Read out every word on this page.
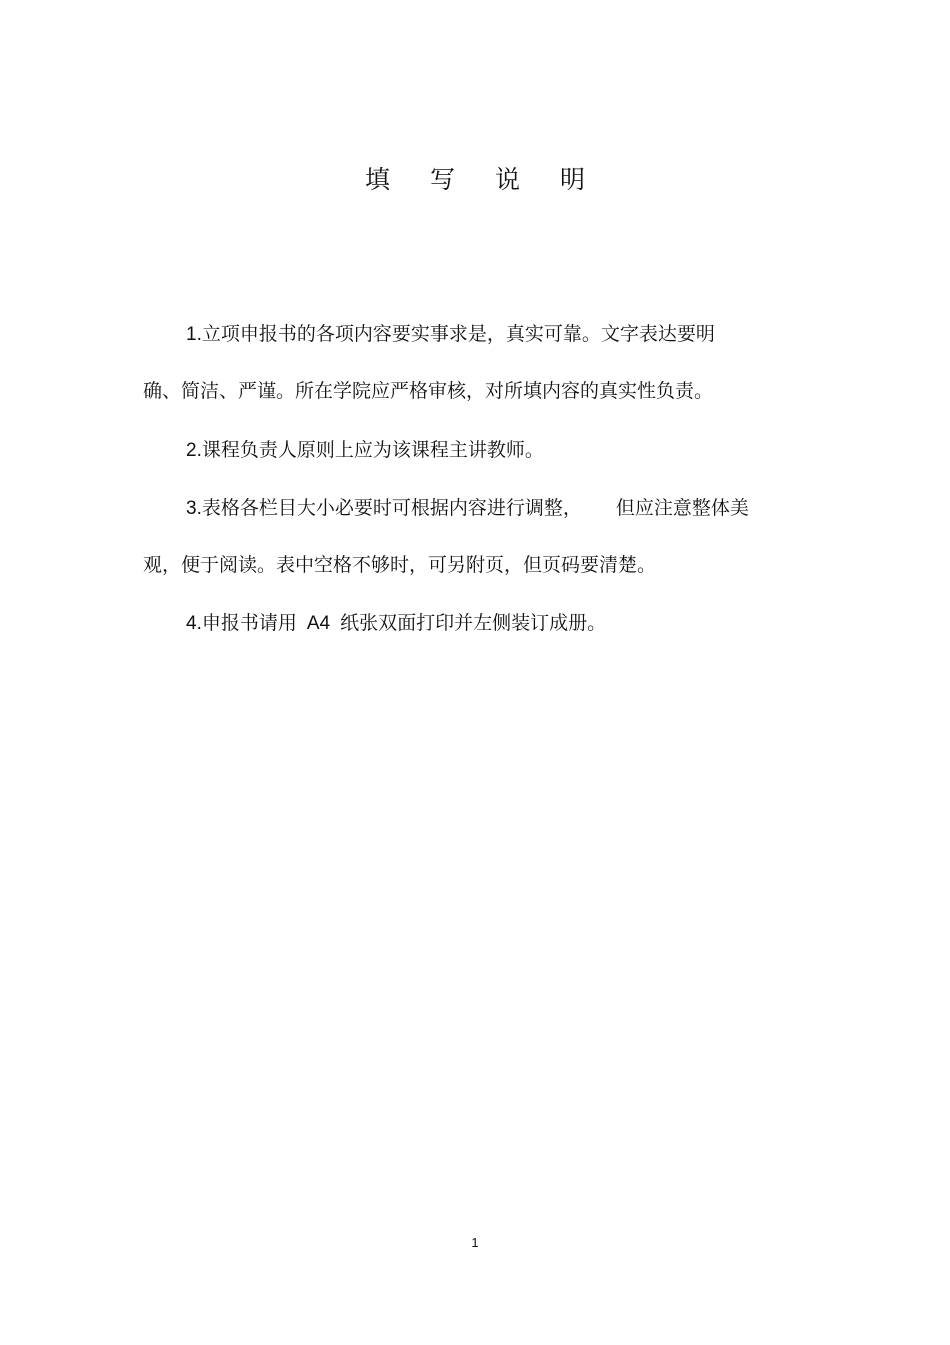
填 写 说 明
1.立项申报书的各项内容要实事求是，真实可靠。文字表达要明
确、简洁、严谨。所在学院应严格审核，对所填内容的真实性负责。
2.课程负责人原则上应为该课程主讲教师。
3.表格各栏目大小必要时可根据内容进行调整， 但应注意整体美
观，便于阅读。表中空格不够时，可另附页，但页码要清楚。
4.申报书请用 A4 纸张双面打印并左侧装订成册。
1
